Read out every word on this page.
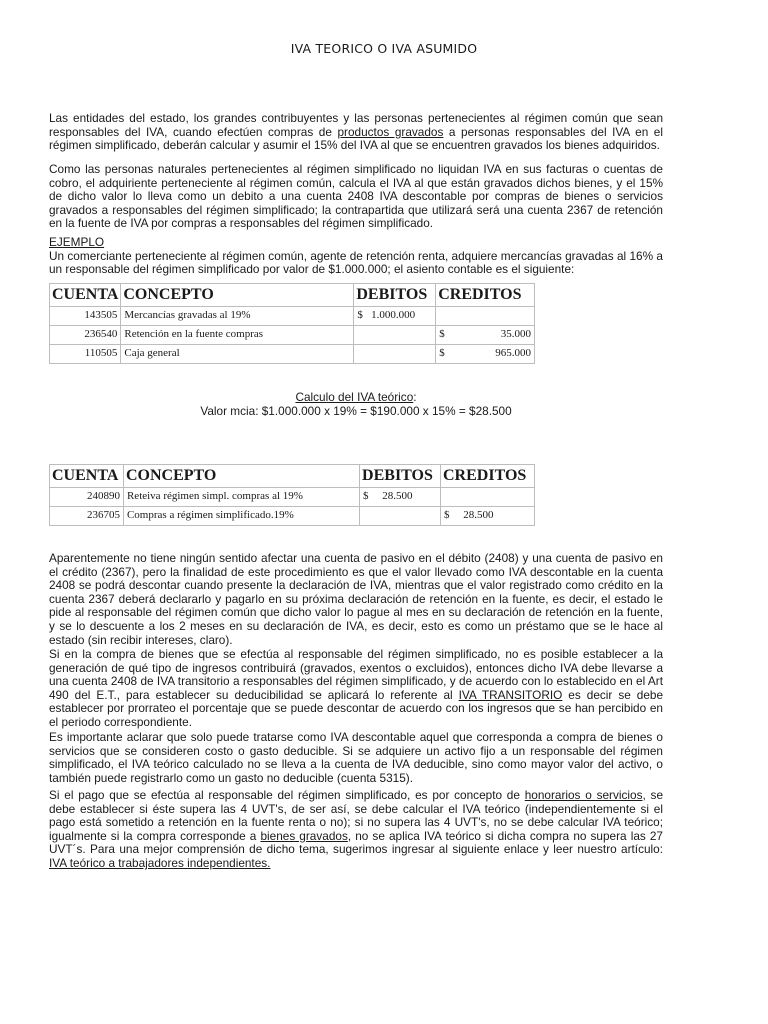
IVA TEORICO O IVA ASUMIDO

Las entidades del estado, los grandes contribuyentes y las personas pertenecientes al régimen común que sean responsables del IVA, cuando efectúen compras de productos gravados a personas responsables del IVA en el régimen simplificado, deberán calcular y asumir el 15% del IVA al que se encuentren gravados los bienes adquiridos.

Como las personas naturales pertenecientes al régimen simplificado no liquidan IVA en sus facturas o cuentas de cobro, el adquiriente perteneciente al régimen común, calcula el IVA al que están gravados dichos bienes, y el 15% de dicho valor lo lleva como un debito a una cuenta 2408 IVA descontable por compras de bienes o servicios gravados a responsables del régimen simplificado; la contrapartida que utilizará será una cuenta 2367 de retención en la fuente de IVA por compras a responsables del régimen simplificado.

EJEMPLO

Un comerciante perteneciente al régimen común, agente de retención renta, adquiere mercancías gravadas al 16% a un responsable del régimen simplificado por valor de $1.000.000; el asiento contable es el siguiente:

CUENTA	CONCEPTO	DEBITOS	CREDITOS
143505	Mercancías gravadas al 19%	$ 1.000.000	

236540	Retención en la fuente compras		$ 35.000

110505	Caja general		$ 965.000

Calculo del IVA teórico:

Valor mcia: $1.000.000 x 19% = $190.000 x 15% = $28.500

CUENTA	CONCEPTO	DEBITOS	CREDITOS
240890	Reteiva régimen simpl. compras al 19%	$ 28.500	
236705	Compras a régimen simplificado.19%		$ 28.500

Aparentemente no tiene ningún sentido afectar una cuenta de pasivo en el débito (2408) y una cuenta de pasivo en el crédito (2367), pero la finalidad de este procedimiento es que el valor llevado como IVA descontable en la cuenta 2408 se podrá descontar cuando presente la declaración de IVA, mientras que el valor registrado como crédito en la cuenta 2367 deberá declararlo y pagarlo en su próxima declaración de retención en la fuente, es decir, el estado le pide al responsable del régimen común que dicho valor lo pague al mes en su declaración de retención en la fuente, y se lo descuente a los 2 meses en su declaración de IVA, es decir, esto es como un préstamo que se le hace al estado (sin recibir intereses, claro).

Si en la compra de bienes que se efectúa al responsable del régimen simplificado, no es posible establecer a la generación de qué tipo de ingresos contribuirá (gravados, exentos o excluidos), entonces dicho IVA debe llevarse a una cuenta 2408 de IVA transitorio a responsables del régimen simplificado, y de acuerdo con lo establecido en el Art 490 del E.T., para establecer su deducibilidad se aplicará lo referente al IVA TRANSITORIO es decir se debe establecer por prorrateo el porcentaje que se puede descontar de acuerdo con los ingresos que se han percibido en el periodo correspondiente.

Es importante aclarar que solo puede tratarse como IVA descontable aquel que corresponda a compra de bienes o servicios que se consideren costo o gasto deducible. Si se adquiere un activo fijo a un responsable del régimen simplificado, el IVA teórico calculado no se lleva a la cuenta de IVA deducible, sino como mayor valor del activo, o también puede registrarlo como un gasto no deducible (cuenta 5315).

Si el pago que se efectúa al responsable del régimen simplificado, es por concepto de honorarios o servicios, se debe establecer si éste supera las 4 UVT's, de ser así, se debe calcular el IVA teórico (independientemente si el pago está sometido a retención en la fuente renta o no); si no supera las 4 UVT's, no se debe calcular IVA teórico; igualmente si la compra corresponde a bienes gravados, no se aplica IVA teórico si dicha compra no supera las 27 UVT´s. Para una mejor comprensión de dicho tema, sugerimos ingresar al siguiente enlace y leer nuestro artículo: IVA teórico a trabajadores independientes.
